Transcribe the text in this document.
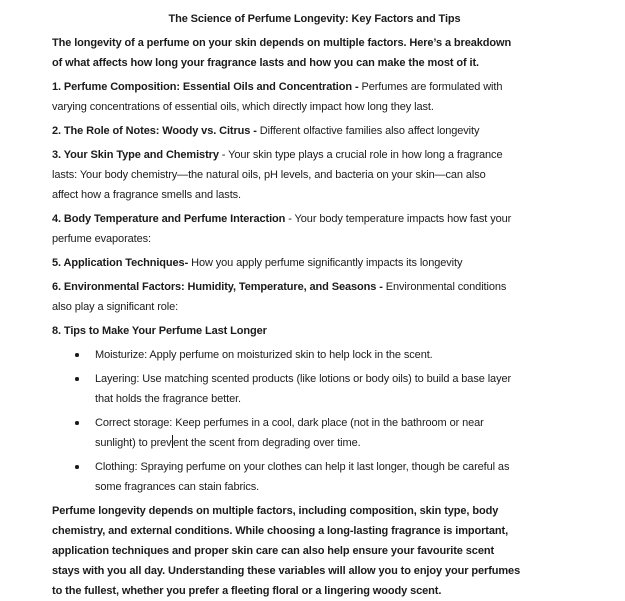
The Science of Perfume Longevity: Key Factors and Tips
The longevity of a perfume on your skin depends on multiple factors. Here’s a breakdown
of what affects how long your fragrance lasts and how you can make the most of it.
1. Perfume Composition: Essential Oils and Concentration - Perfumes are formulated with
varying concentrations of essential oils, which directly impact how long they last.
2. The Role of Notes: Woody vs. Citrus - Different olfactive families also affect longevity
3. Your Skin Type and Chemistry - Your skin type plays a crucial role in how long a fragrance
lasts: Your body chemistry—the natural oils, pH levels, and bacteria on your skin—can also
affect how a fragrance smells and lasts.
4. Body Temperature and Perfume Interaction - Your body temperature impacts how fast your
perfume evaporates:
5. Application Techniques- How you apply perfume significantly impacts its longevity
6. Environmental Factors: Humidity, Temperature, and Seasons - Environmental conditions
also play a significant role:
8. Tips to Make Your Perfume Last Longer
Moisturize: Apply perfume on moisturized skin to help lock in the scent.
Layering: Use matching scented products (like lotions or body oils) to build a base layer
that holds the fragrance better.
Correct storage: Keep perfumes in a cool, dark place (not in the bathroom or near
sunlight) to prev ent the scent from degrading over time.
Clothing: Spraying perfume on your clothes can help it last longer, though be careful as
some fragrances can stain fabrics.
Perfume longevity depends on multiple factors, including composition, skin type, body
chemistry, and external conditions. While choosing a long-lasting fragrance is important,
application techniques and proper skin care can also help ensure your favourite scent
stays with you all day. Understanding these variables will allow you to enjoy your perfumes
to the fullest, whether you prefer a fleeting floral or a lingering woody scent.
